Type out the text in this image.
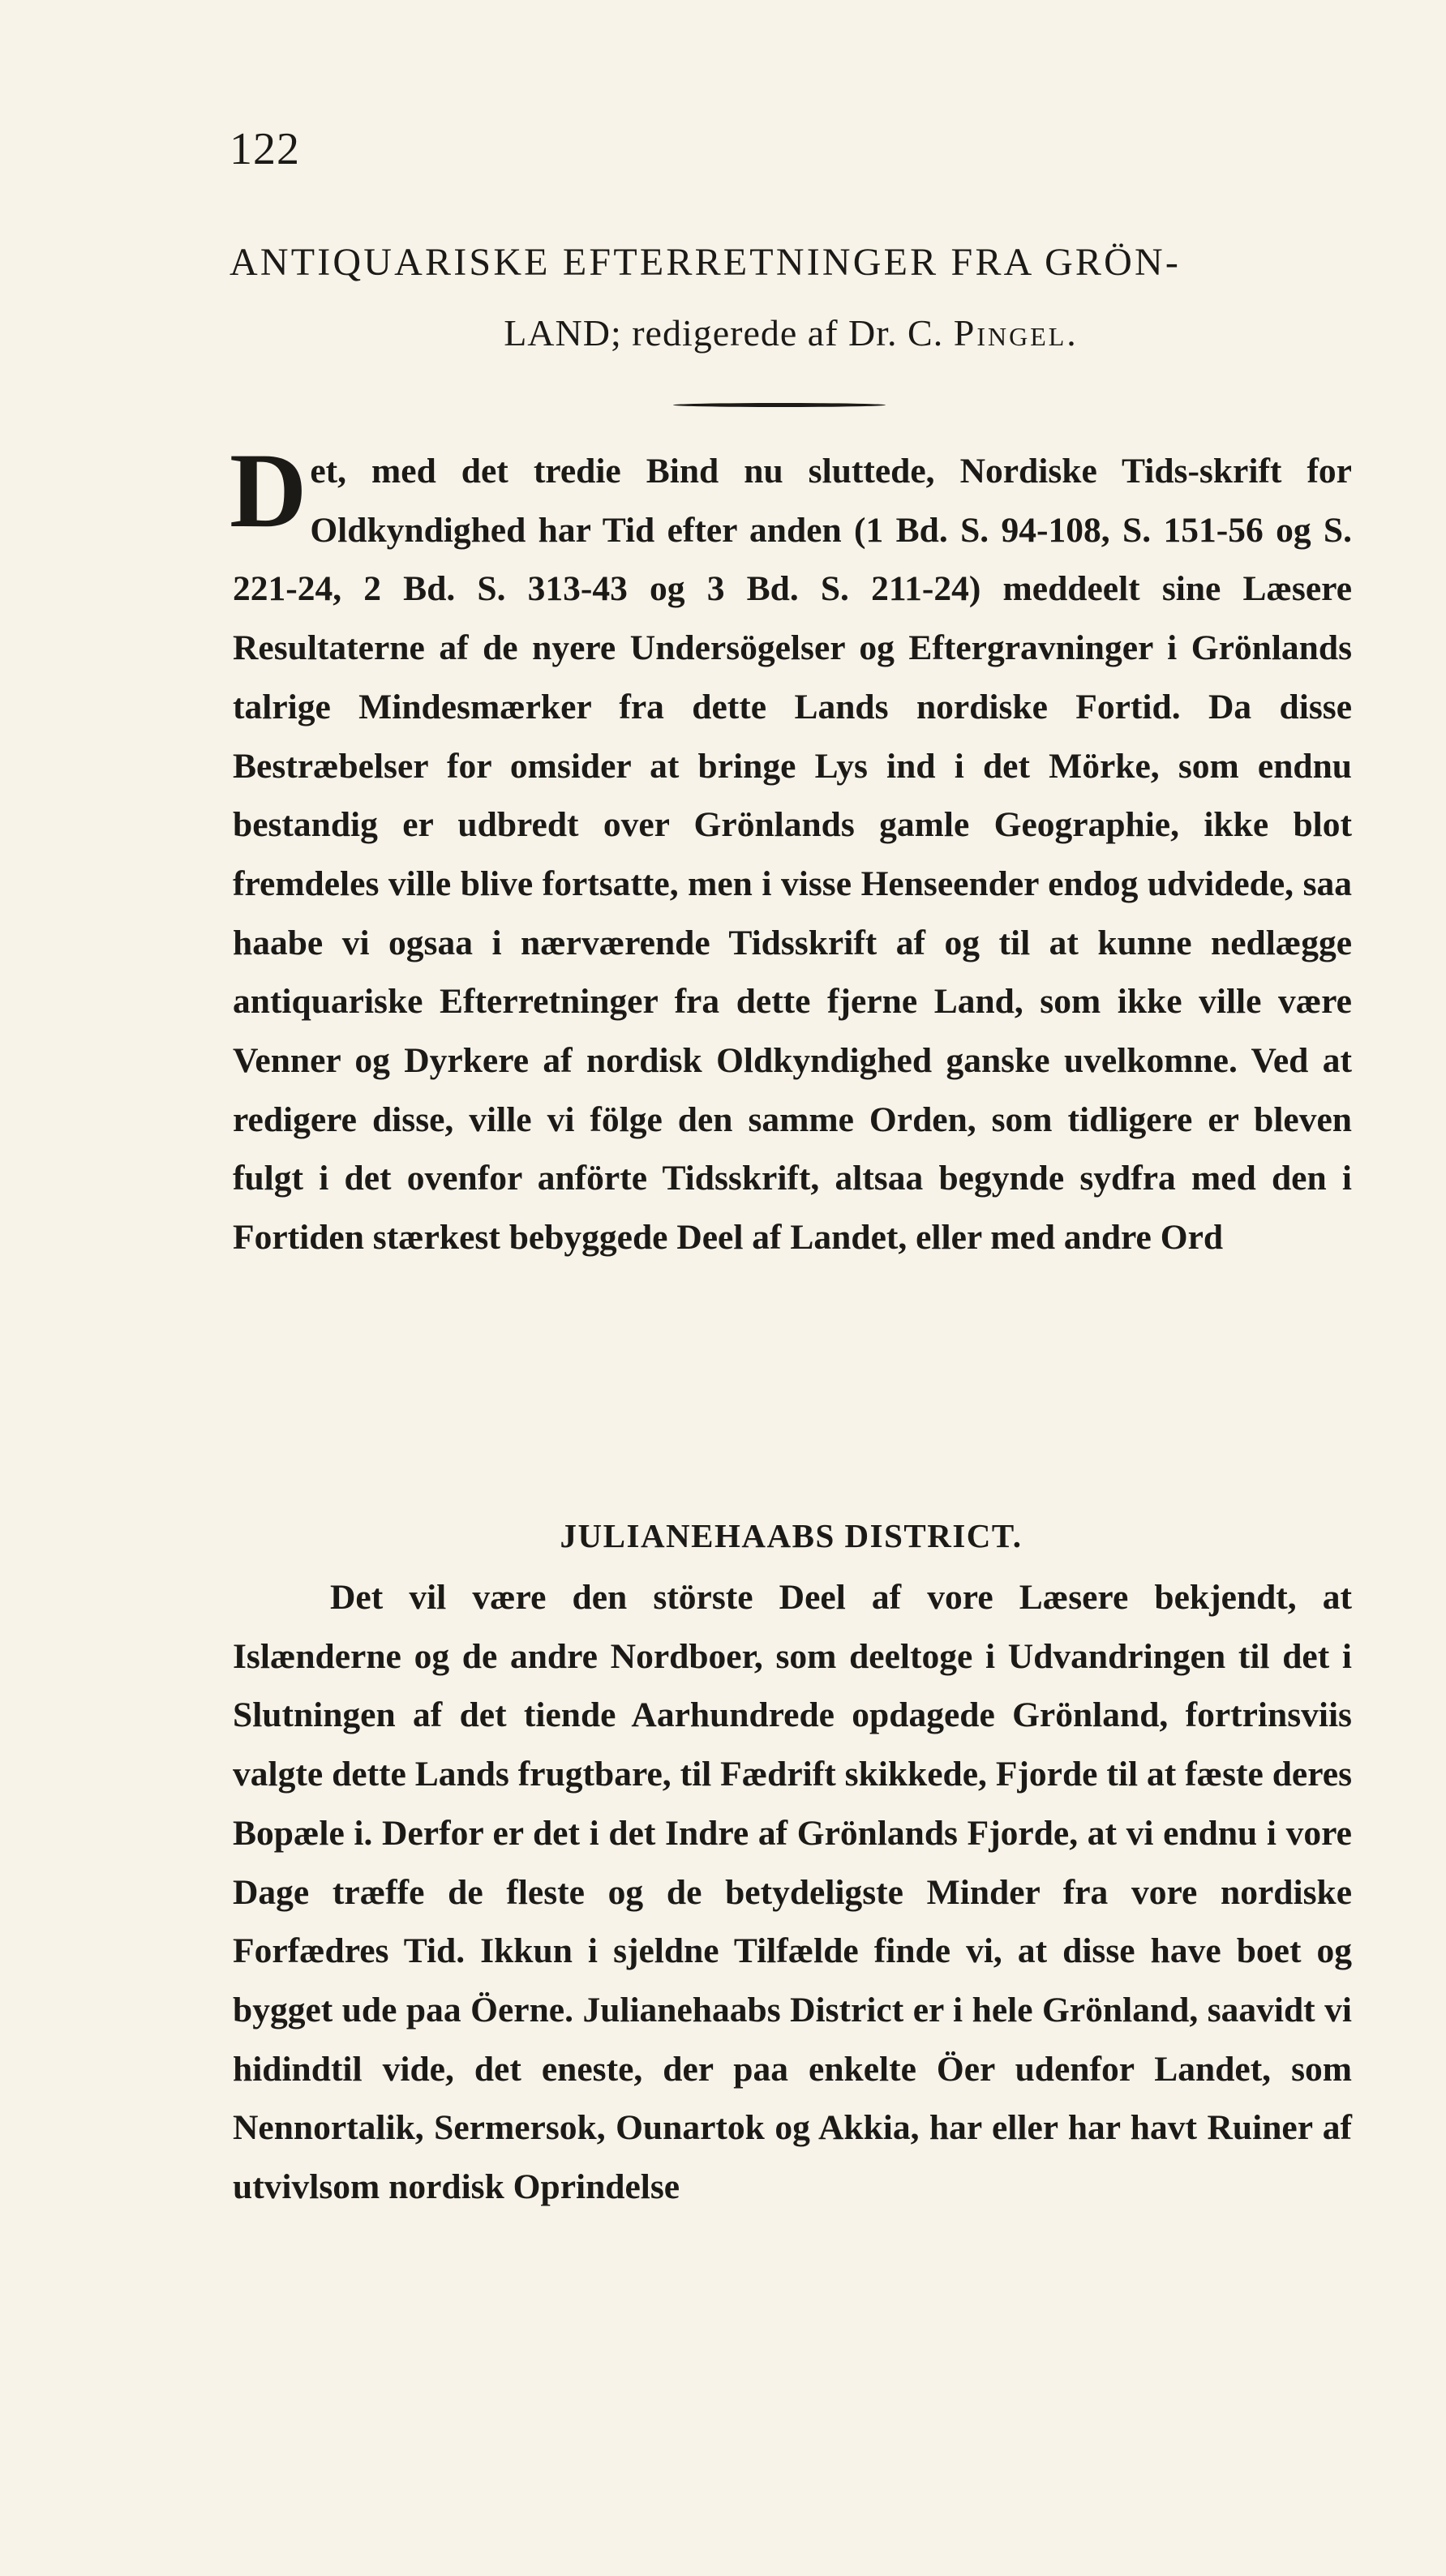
122
ANTIQUARISKE EFTERRETNINGER FRA GRÖN-
LAND; redigerede af Dr. C. Pingel.
Det, med det tredie Bind nu sluttede, Nordiske Tids-skrift for Oldkyndighed har Tid efter anden (1 Bd. S. 94-108, S. 151-56 og S. 221-24, 2 Bd. S. 313-43 og 3 Bd. S. 211-24) meddeelt sine Læsere Resultaterne af de nyere Undersögelser og Eftergravninger i Grönlands talrige Mindesmærker fra dette Lands nordiske Fortid. Da disse Bestræbelser for omsider at bringe Lys ind i det Mörke, som endnu bestandig er udbredt over Grönlands gamle Geographie, ikke blot fremdeles ville blive fortsatte, men i visse Henseender endog udvidede, saa haabe vi ogsaa i nærværende Tidsskrift af og til at kunne nedlægge antiquariske Efterretninger fra dette fjerne Land, som ikke ville være Venner og Dyrkere af nordisk Oldkyndighed ganske uvelkomne. Ved at redigere disse, ville vi fölge den samme Orden, som tidligere er bleven fulgt i det ovenfor anförte Tidsskrift, altsaa begynde sydfra med den i Fortiden stærkest bebyggede Deel af Landet, eller med andre Ord
JULIANEHAABS DISTRICT.
Det vil være den störste Deel af vore Læsere bekjendt, at Islænderne og de andre Nordboer, som deeltoge i Udvandringen til det i Slutningen af det tiende Aarhundrede opdagede Grönland, fortrinsviis valgte dette Lands frugtbare, til Fædrift skikkede, Fjorde til at fæste deres Bopæle i. Derfor er det i det Indre af Grönlands Fjorde, at vi endnu i vore Dage træffe de fleste og de betydeligste Minder fra vore nordiske Forfædres Tid. Ikkun i sjeldne Tilfælde finde vi, at disse have boet og bygget ude paa Öerne. Julianehaabs District er i hele Grönland, saavidt vi hidindtil vide, det eneste, der paa enkelte Öer udenfor Landet, som Nennortalik, Sermersok, Ounartok og Akkia, har eller har havt Ruiner af utvivlsom nordisk Oprindelse
